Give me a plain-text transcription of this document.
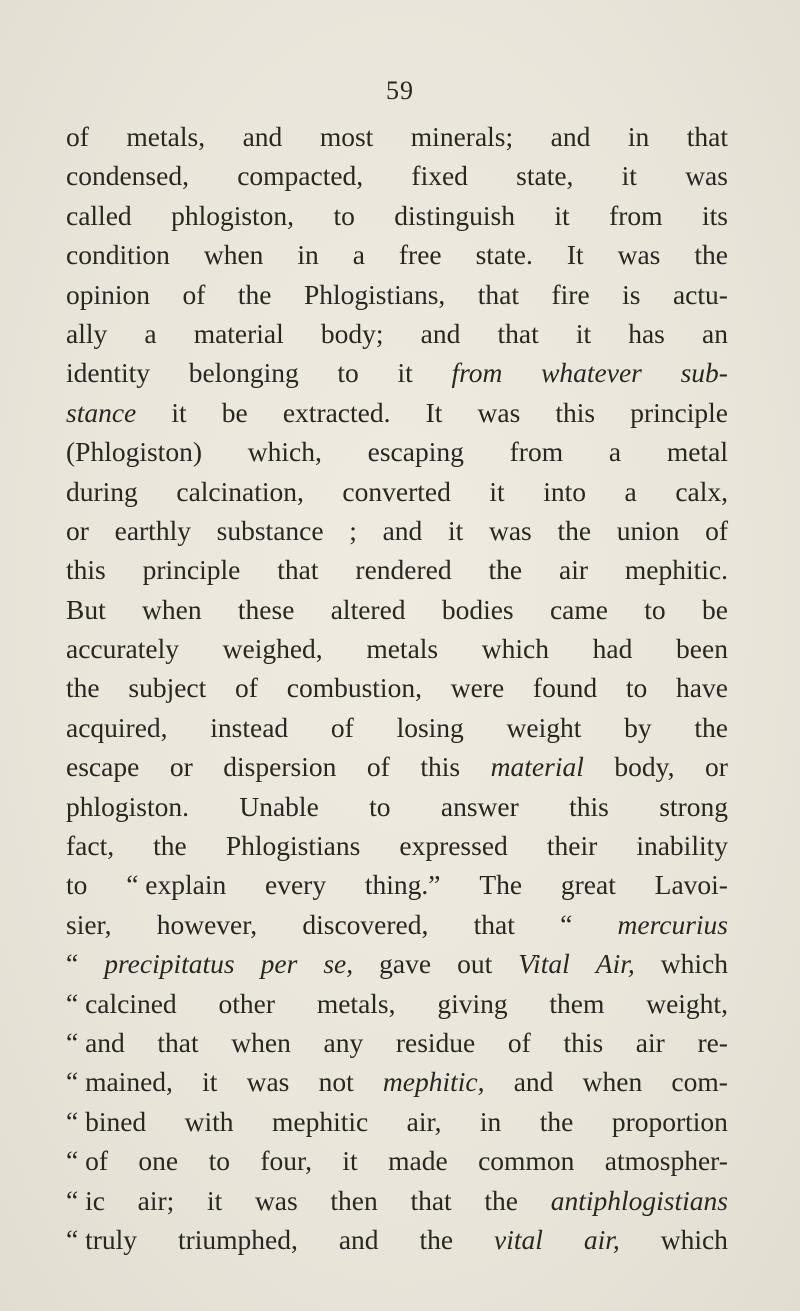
59
of metals, and most minerals; and in that
condensed, compacted, fixed state, it was
called phlogiston, to distinguish it from its
condition when in a free state. It was the
opinion of the Phlogistians, that fire is actu-
ally a material body; and that it has an
identity belonging to it from whatever sub-
stance it be extracted. It was this principle
(Phlogiston) which, escaping from a metal
during calcination, converted it into a calx,
or earthly substance ; and it was the union of
this principle that rendered the air mephitic.
But when these altered bodies came to be
accurately weighed, metals which had been
the subject of combustion, were found to have
acquired, instead of losing weight by the
escape or dispersion of this material body, or
phlogiston. Unable to answer this strong
fact, the Phlogistians expressed their inability
to “ explain every thing.” The great Lavoi-
sier, however, discovered, that “ mercurius
“ precipitatus per se, gave out Vital Air, which
“ calcined other metals, giving them weight,
“ and that when any residue of this air re-
“ mained, it was not mephitic, and when com-
“ bined with mephitic air, in the proportion
“ of one to four, it made common atmospher-
“ ic air; it was then that the antiphlogistians
“ truly triumphed, and the vital air, which
